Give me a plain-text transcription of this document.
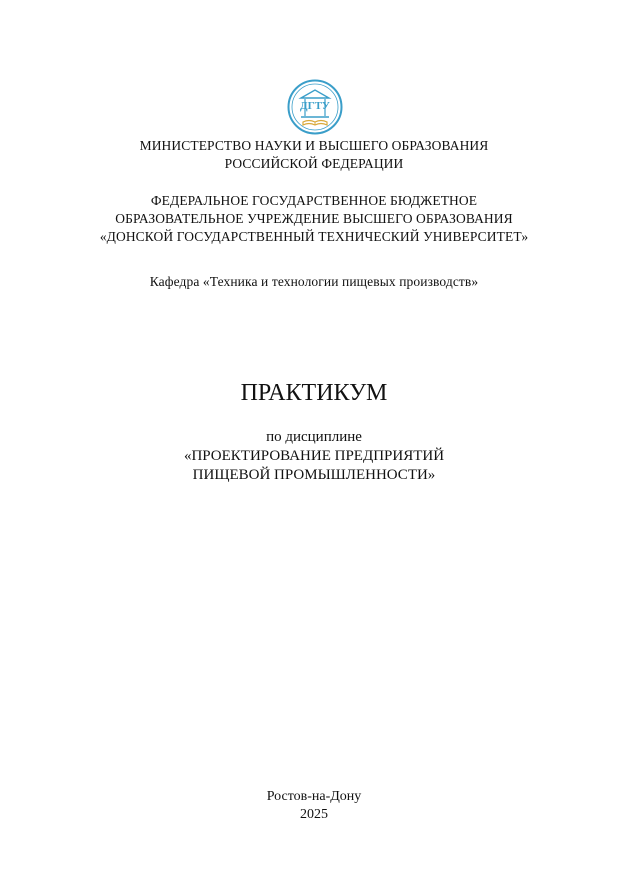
ДГТУ
МИНИСТЕРСТВО НАУКИ И ВЫСШЕГО ОБРАЗОВАНИЯ
РОССИЙСКОЙ ФЕДЕРАЦИИ
ФЕДЕРАЛЬНОЕ ГОСУДАРСТВЕННОЕ БЮДЖЕТНОЕ
ОБРАЗОВАТЕЛЬНОЕ УЧРЕЖДЕНИЕ ВЫСШЕГО ОБРАЗОВАНИЯ
«ДОНСКОЙ ГОСУДАРСТВЕННЫЙ ТЕХНИЧЕСКИЙ УНИВЕРСИТЕТ»
Кафедра «Техника и технологии пищевых производств»
ПРАКТИКУМ
по дисциплине
«ПРОЕКТИРОВАНИЕ ПРЕДПРИЯТИЙ
ПИЩЕВОЙ ПРОМЫШЛЕННОСТИ»
Ростов-на-Дону
2025
